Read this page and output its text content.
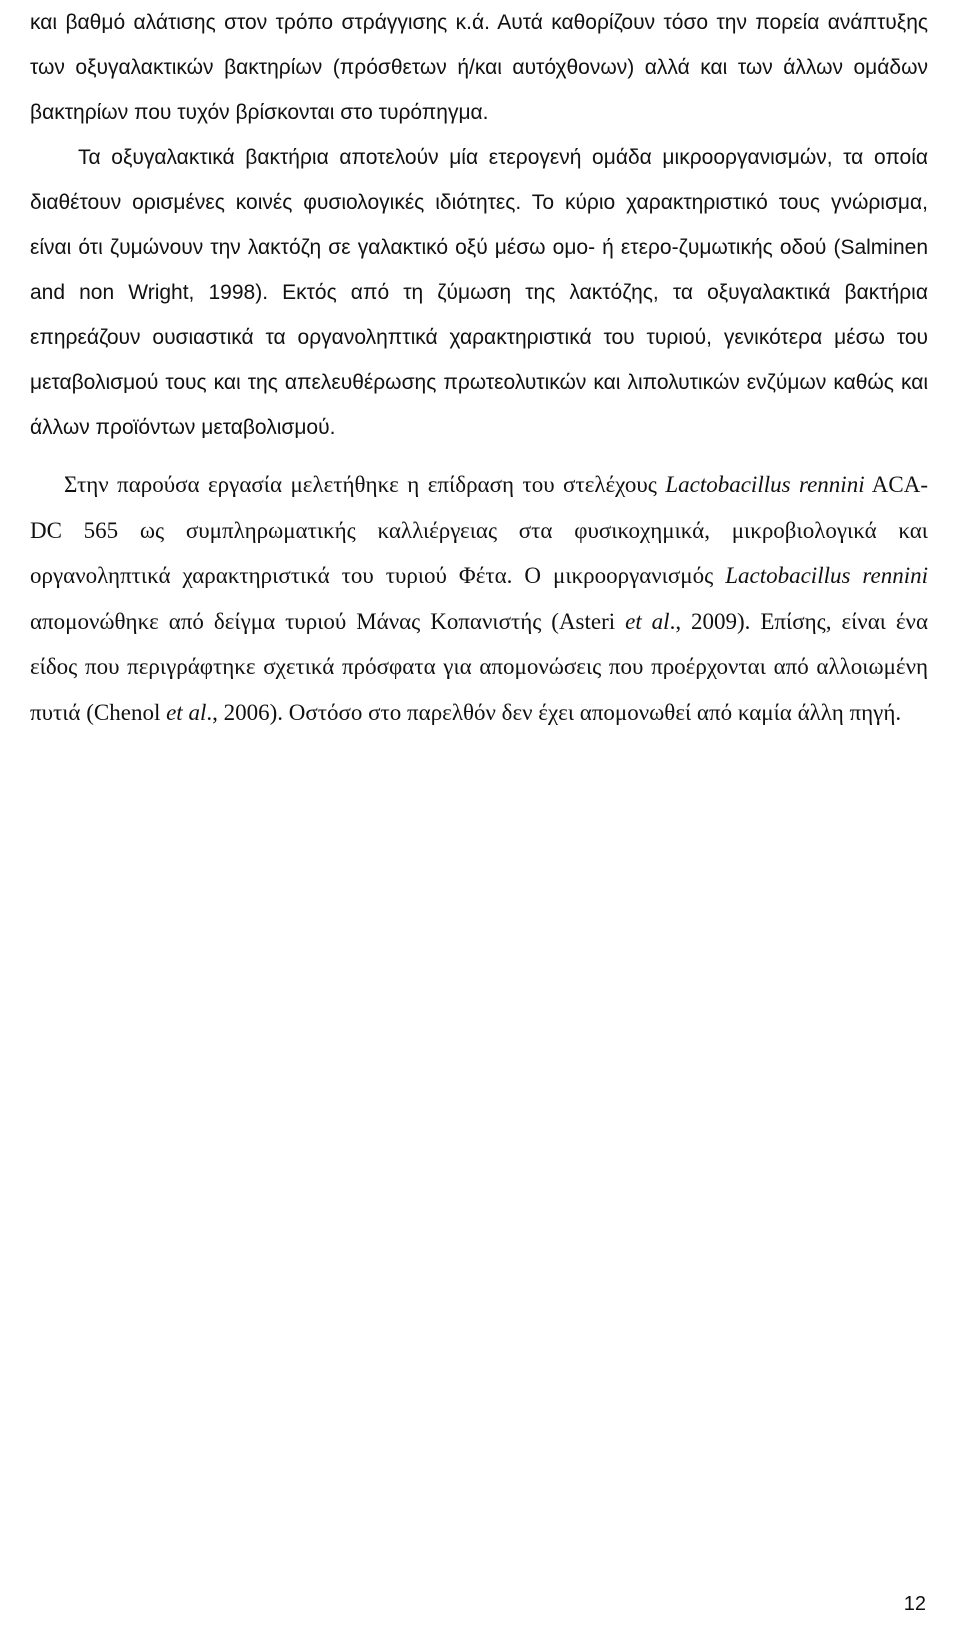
και βαθμό αλάτισης στον τρόπο στράγγισης κ.ά. Αυτά καθορίζουν τόσο την πορεία ανάπτυξης των οξυγαλακτικών βακτηρίων (πρόσθετων ή/και αυτόχθονων) αλλά και των άλλων ομάδων βακτηρίων που τυχόν βρίσκονται στο τυρόπηγμα.

Τα οξυγαλακτικά βακτήρια αποτελούν μία ετερογενή ομάδα μικροοργανισμών, τα οποία διαθέτουν ορισμένες κοινές φυσιολογικές ιδιότητες. Το κύριο χαρακτηριστικό τους γνώρισμα, είναι ότι ζυμώνουν την λακτόζη σε γαλακτικό οξύ μέσω ομο- ή ετερο-ζυμωτικής οδού (Salminen and non Wright, 1998). Εκτός από τη ζύμωση της λακτόζης, τα οξυγαλακτικά βακτήρια επηρεάζουν ουσιαστικά τα οργανοληπτικά χαρακτηριστικά του τυριού, γενικότερα μέσω του μεταβολισμού τους και της απελευθέρωσης πρωτεολυτικών και λιπολυτικών ενζύμων καθώς και άλλων προϊόντων μεταβολισμού.

Στην παρούσα εργασία μελετήθηκε η επίδραση του στελέχους Lactobacillus rennini ACA-DC 565 ως συμπληρωματικής καλλιέργειας στα φυσικοχημικά, μικροβιολογικά και οργανοληπτικά χαρακτηριστικά του τυριού Φέτα. Ο μικροοργανισμός Lactobacillus rennini απομονώθηκε από δείγμα τυριού Μάνας Κοπανιστής (Asteri et al., 2009). Επίσης, είναι ένα είδος που περιγράφτηκε σχετικά πρόσφατα για απομονώσεις που προέρχονται από αλλοιωμένη πυτιά (Chenol et al., 2006). Οστόσο στο παρελθόν δεν έχει απομονωθεί από καμία άλλη πηγή.

12
